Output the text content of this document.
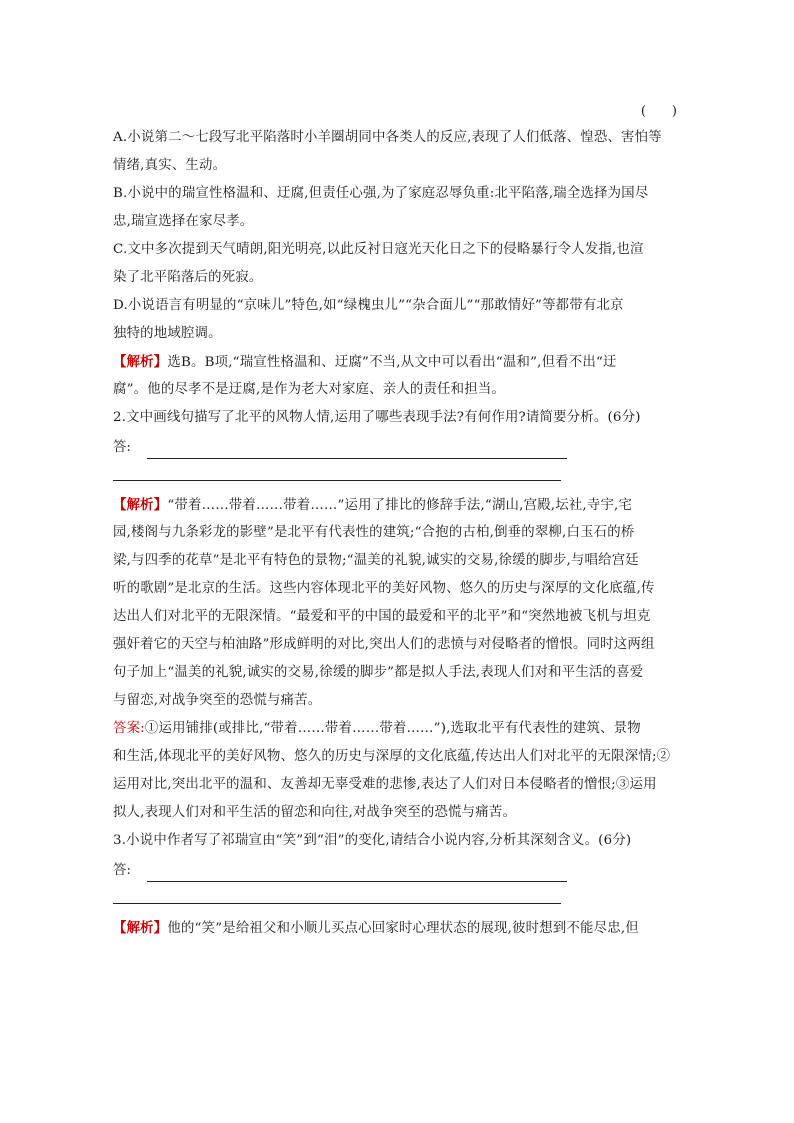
(　　)
A.小说第二～七段写北平陷落时小羊圈胡同中各类人的反应,表现了人们低落、惶恐、害怕等
情绪,真实、生动。
B.小说中的瑞宣性格温和、迂腐,但责任心强,为了家庭忍辱负重:北平陷落,瑞全选择为国尽
忠,瑞宣选择在家尽孝。
C.文中多次提到天气晴朗,阳光明亮,以此反衬日寇光天化日之下的侵略暴行令人发指,也渲
染了北平陷落后的死寂。
D.小说语言有明显的“京味儿”特色,如“绿槐虫儿”“杂合面儿”“那敢情好”等都带有北京
独特的地域腔调。
【解析】选B。B项,“瑞宣性格温和、迂腐”不当,从文中可以看出“温和”,但看不出“迂
腐”。他的尽孝不是迂腐,是作为老大对家庭、亲人的责任和担当。
2.文中画线句描写了北平的风物人情,运用了哪些表现手法?有何作用?请简要分析。(6分)
答:
【解析】“带着……带着……带着……”运用了排比的修辞手法,“湖山,宫殿,坛社,寺宇,宅
园,楼阁与九条彩龙的影壁”是北平有代表性的建筑;“合抱的古柏,倒垂的翠柳,白玉石的桥
梁,与四季的花草”是北平有特色的景物;“温美的礼貌,诚实的交易,徐缓的脚步,与唱给宫廷
听的歌剧”是北京的生活。这些内容体现北平的美好风物、悠久的历史与深厚的文化底蕴,传
达出人们对北平的无限深情。“最爱和平的中国的最爱和平的北平”和“突然地被飞机与坦克
强奸着它的天空与柏油路”形成鲜明的对比,突出人们的悲愤与对侵略者的憎恨。同时这两组
句子加上“温美的礼貌,诚实的交易,徐缓的脚步”都是拟人手法,表现人们对和平生活的喜爱
与留恋,对战争突至的恐慌与痛苦。
答案:①运用铺排(或排比,“带着……带着……带着……”),选取北平有代表性的建筑、景物
和生活,体现北平的美好风物、悠久的历史与深厚的文化底蕴,传达出人们对北平的无限深情;②
运用对比,突出北平的温和、友善却无辜受难的悲惨,表达了人们对日本侵略者的憎恨;③运用
拟人,表现人们对和平生活的留恋和向往,对战争突至的恐慌与痛苦。
3.小说中作者写了祁瑞宣由“笑”到“泪”的变化,请结合小说内容,分析其深刻含义。(6分)
答:
【解析】他的“笑”是给祖父和小顺儿买点心回家时心理状态的展现,彼时想到不能尽忠,但
